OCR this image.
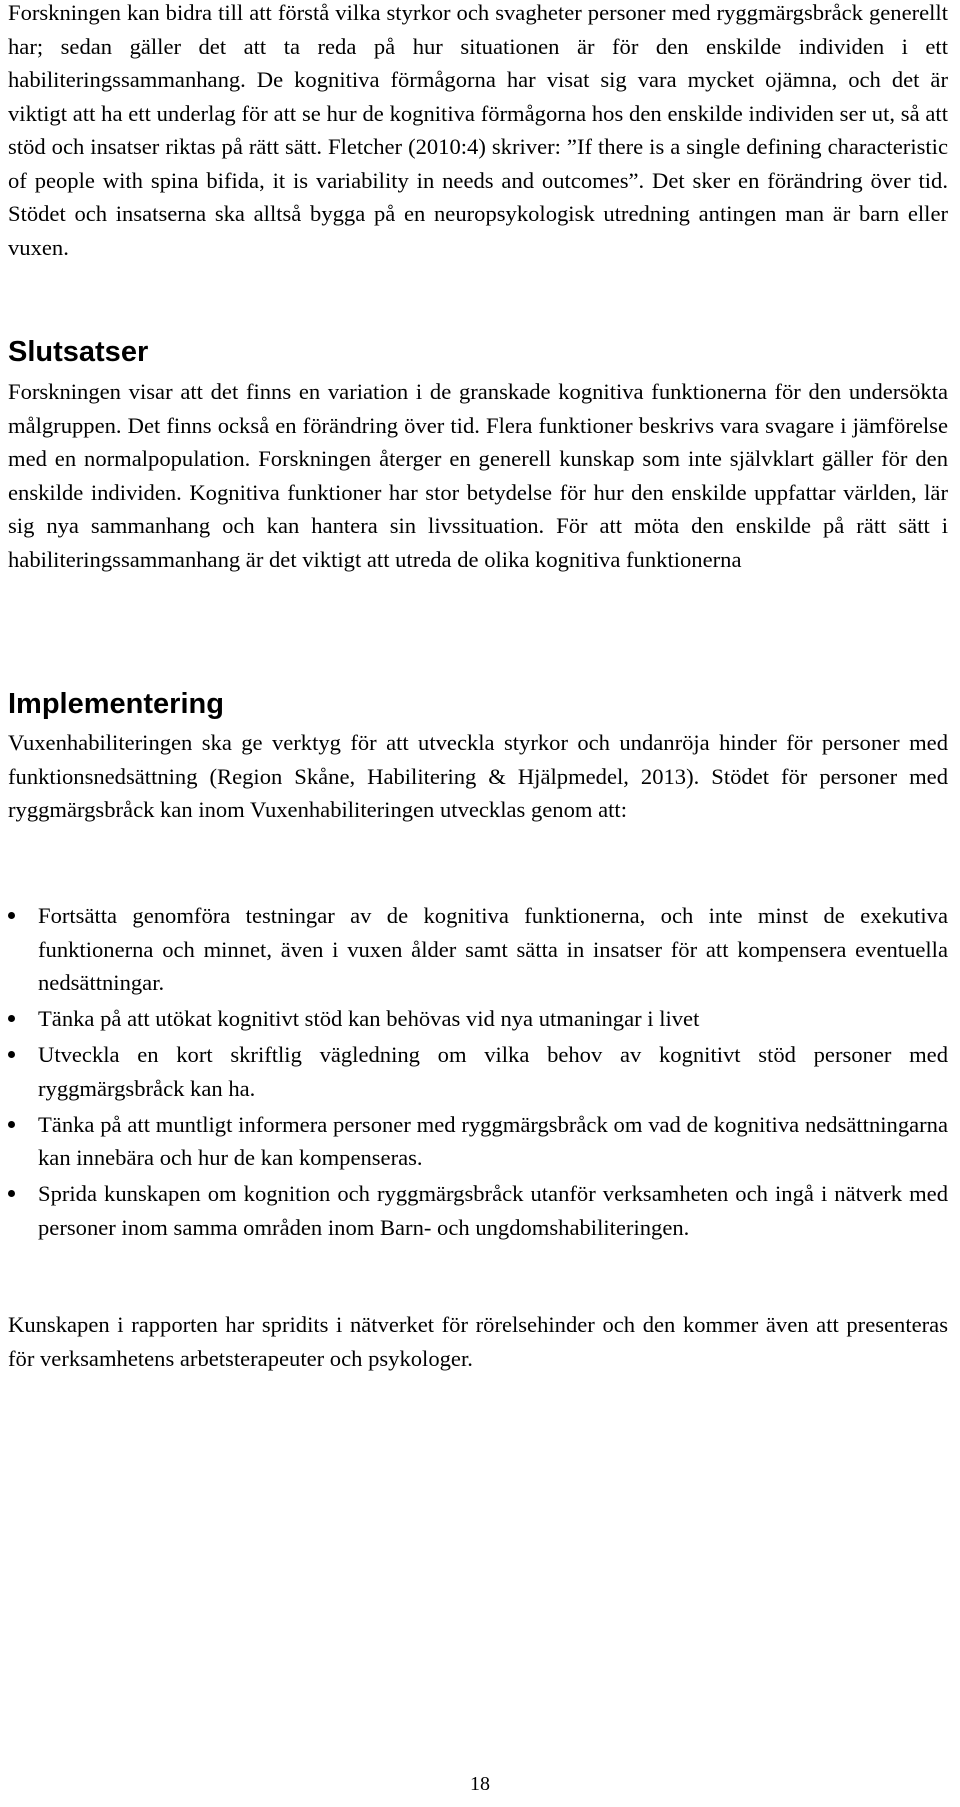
Forskningen kan bidra till att förstå vilka styrkor och svagheter personer med ryggmärgsbråck generellt har; sedan gäller det att ta reda på hur situationen är för den enskilde individen i ett habiliteringssammanhang. De kognitiva förmågorna har visat sig vara mycket ojämna, och det är viktigt att ha ett underlag för att se hur de kognitiva förmågorna hos den enskilde individen ser ut, så att stöd och insatser riktas på rätt sätt. Fletcher (2010:4) skriver: ”If there is a single defining characteristic of people with spina bifida, it is variability in needs and outcomes”. Det sker en förändring över tid. Stödet och insatserna ska alltså bygga på en neuropsykologisk utredning antingen man är barn eller vuxen.

Slutsatser

Forskningen visar att det finns en variation i de granskade kognitiva funktionerna för den undersökta målgruppen. Det finns också en förändring över tid. Flera funktioner beskrivs vara svagare i jämförelse med en normalpopulation. Forskningen återger en generell kunskap som inte självklart gäller för den enskilde individen. Kognitiva funktioner har stor betydelse för hur den enskilde uppfattar världen, lär sig nya sammanhang och kan hantera sin livssituation. För att möta den enskilde på rätt sätt i habiliteringssammanhang är det viktigt att utreda de olika kognitiva funktionerna

Implementering

Vuxenhabiliteringen ska ge verktyg för att utveckla styrkor och undanröja hinder för personer med funktionsnedsättning (Region Skåne, Habilitering & Hjälpmedel, 2013). Stödet för personer med ryggmärgsbråck kan inom Vuxenhabiliteringen utvecklas genom att:

Fortsätta genomföra testningar av de kognitiva funktionerna, och inte minst de exekutiva funktionerna och minnet, även i vuxen ålder samt sätta in insatser för att kompensera eventuella nedsättningar.
Tänka på att utökat kognitivt stöd kan behövas vid nya utmaningar i livet
Utveckla en kort skriftlig vägledning om vilka behov av kognitivt stöd personer med ryggmärgsbråck kan ha.
Tänka på att muntligt informera personer med ryggmärgsbråck om vad de kognitiva nedsättningarna kan innebära och hur de kan kompenseras.
Sprida kunskapen om kognition och ryggmärgsbråck utanför verksamheten och ingå i nätverk med personer inom samma områden inom Barn- och ungdomshabiliteringen.

Kunskapen i rapporten har spridits i nätverket för rörelsehinder och den kommer även att presenteras för verksamhetens arbetsterapeuter och psykologer.

18
